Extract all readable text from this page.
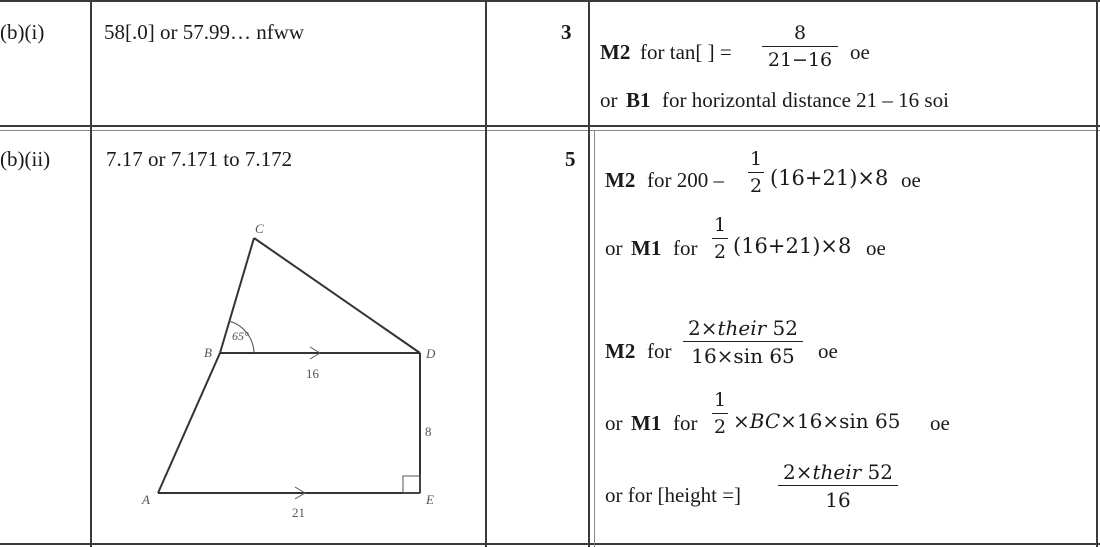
(b)(i)	58[.0] or 57.99… nfww	3
M2 for tan[ ] =
8
21−16 oe
or B1 for horizontal distance 21 – 16 soi
(b)(ii)	7.17 or 7.171 to 7.172	5
A
B
C
D
E
65°
16
8
21
M2 for 200 –
1
2 (16+21)×8 oe
or M1 for
1
2 (16+21)×8 oe
M2 for
2×their 52
16×sin 65 oe
or M1 for
1
2 ×BC×16×sin 65 oe
or for [height =]
2×their 52
16
